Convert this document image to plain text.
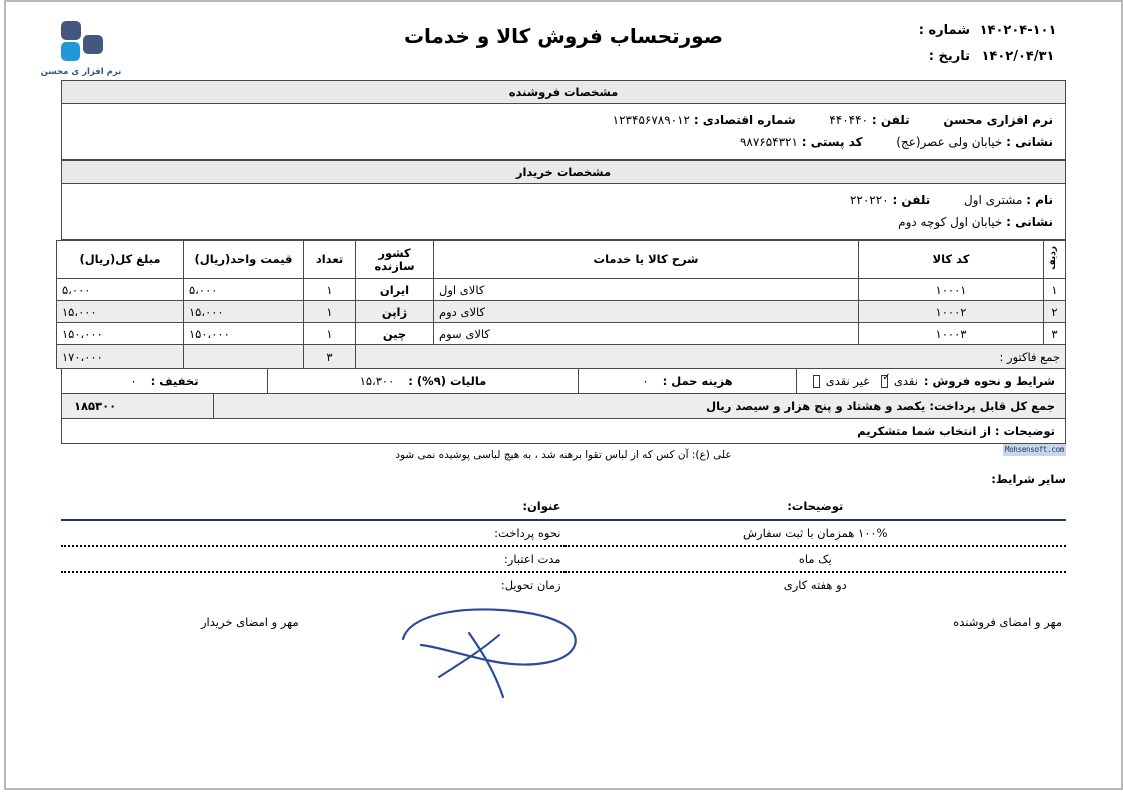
۱۴۰۲۰۴-۱۰۱
شماره :
۱۴۰۲/۰۴/۳۱
تاریخ :
صورتحساب فروش کالا و خدمات
نرم افزار ی محسن
مشخصات فروشنده
نرم افزاری محسن  تلفن : ۴۴۰۴۴۰  شماره اقتصادی : ۱۲۳۴۵۶۷۸۹۰۱۲
نشانی : خیابان ولی عصر(عج)  کد پستی : ۹۸۷۶۵۴۳۲۱
مشخصات خریدار
نام : مشتری اول  تلفن : ۲۲۰۲۲۰
نشانی : خیابان اول کوچه دوم
ردیف	کد کالا	شرح کالا یا خدمات	کشور سازنده	تعداد	قیمت واحد(ریال)	مبلغ کل(ریال)
۱	۱۰۰۰۱	کالای اول	ایران	۱	۵،۰۰۰	۵،۰۰۰
۲	۱۰۰۰۲	کالای دوم	ژاپن	۱	۱۵،۰۰۰	۱۵،۰۰۰
۳	۱۰۰۰۳	کالای سوم	چین	۱	۱۵۰،۰۰۰	۱۵۰،۰۰۰
جمع فاکتور :				۳		۱۷۰،۰۰۰
شرایط و نحوه فروش :
نقدی
✓
غیر نقدی
هزینه حمل :
۰
مالیات (۹%) :
۱۵،۳۰۰
تخفیف :
۰
جمع کل قابل پرداخت: یکصد و هشتاد و پنج هزار و سیصد ریال
۱۸۵۳۰۰
توضیحات : از انتخاب شما متشکریم
Mohsensoft.com
علی (ع): آن کس که از لباس تقوا برهنه شد ، به هیچ لباسی پوشیده نمی شود
سایر شرایط:
توضیحات:	عنوان:
۱۰۰% همزمان با ثبت سفارش	نحوه پرداخت:
یک ماه	مدت اعتبار:
دو هفته کاری	زمان تحویل:
مهر و امضای فروشنده
مهر و امضای خریدار
